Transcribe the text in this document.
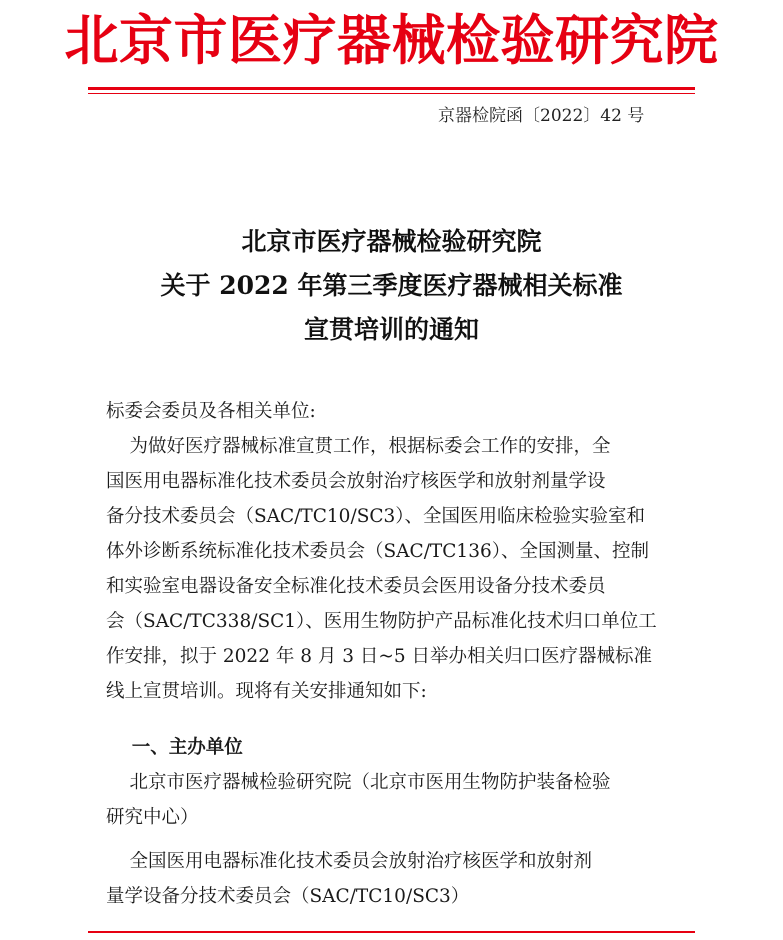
北京市医疗器械检验研究院
京器检院函〔2022〕42 号
北京市医疗器械检验研究院
关于 2022 年第三季度医疗器械相关标准
宣贯培训的通知
标委会委员及各相关单位:
为做好医疗器械标准宣贯工作，根据标委会工作的安排，全
国医用电器标准化技术委员会放射治疗核医学和放射剂量学设
备分技术委员会（SAC/TC10/SC3）、全国医用临床检验实验室和
体外诊断系统标准化技术委员会（SAC/TC136）、全国测量、控制
和实验室电器设备安全标准化技术委员会医用设备分技术委员
会（SAC/TC338/SC1）、医用生物防护产品标准化技术归口单位工
作安排，拟于 2022 年 8 月 3 日~5 日举办相关归口医疗器械标准
线上宣贯培训。现将有关安排通知如下:
一、主办单位
北京市医疗器械检验研究院（北京市医用生物防护装备检验
研究中心）
全国医用电器标准化技术委员会放射治疗核医学和放射剂
量学设备分技术委员会（SAC/TC10/SC3）
